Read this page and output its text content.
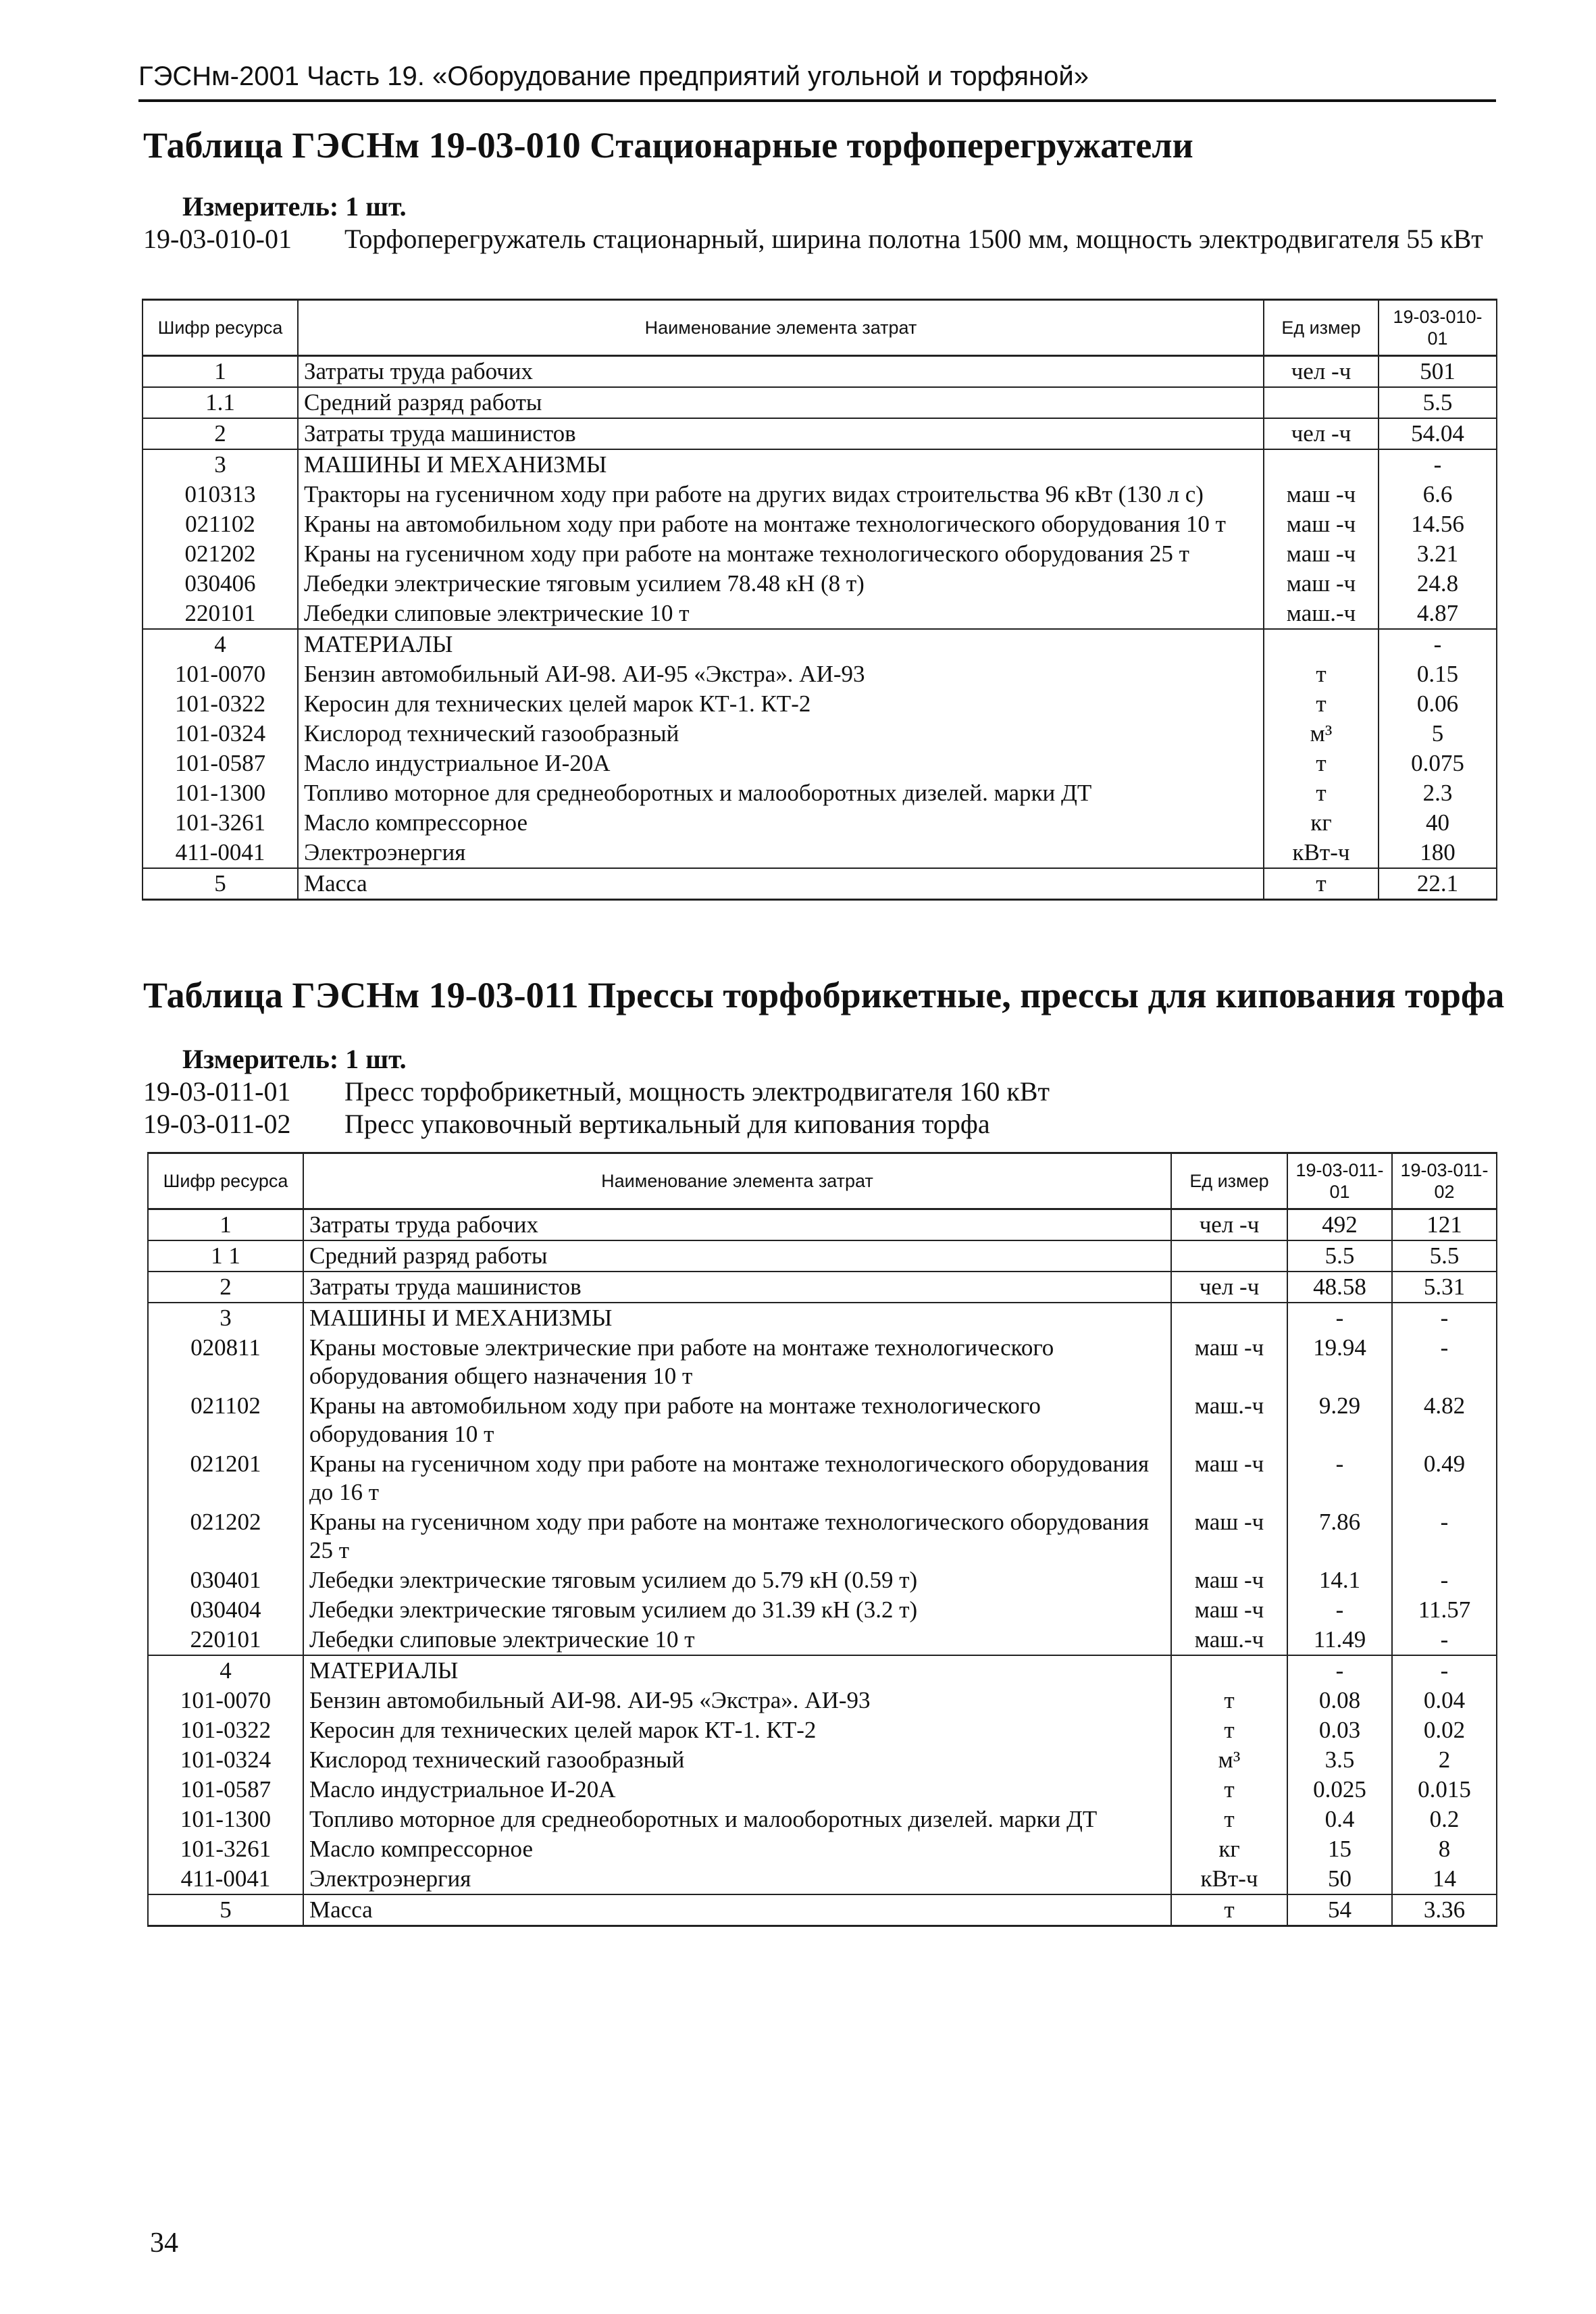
ГЭСНм-2001 Часть 19. «Оборудование предприятий угольной и торфяной»
Таблица ГЭСНм 19-03-010 Стационарные торфоперегружатели
Измеритель: 1 шт.
19-03-010-01 Торфоперегружатель стационарный, ширина полотна 1500 мм, мощность электродвигателя 55 кВт
Шифр ресурса	Наименование элемента затрат	Ед измер	19-03-010-01
1	Затраты труда рабочих	чел -ч	501
1.1	Средний разряд работы		5.5
2	Затраты труда машинистов	чел -ч	54.04
3	МАШИНЫ И МЕХАНИЗМЫ		-
010313	Тракторы на гусеничном ходу при работе на других видах строительства 96 кВт (130 л с)	маш -ч	6.6
021102	Краны на автомобильном ходу при работе на монтаже технологического оборудования 10 т	маш -ч	14.56
021202	Краны на гусеничном ходу при работе на монтаже технологического оборудования 25 т	маш -ч	3.21
030406	Лебедки электрические тяговым усилием 78.48 кН (8 т)	маш -ч	24.8
220101	Лебедки слиповые электрические 10 т	маш.-ч	4.87
4	МАТЕРИАЛЫ		-
101-0070	Бензин автомобильный АИ-98. АИ-95 «Экстра». АИ-93	т	0.15
101-0322	Керосин для технических целей марок КТ-1. КТ-2	т	0.06
101-0324	Кислород технический газообразный	м³	5
101-0587	Масло индустриальное И-20А	т	0.075
101-1300	Топливо моторное для среднеоборотных и малооборотных дизелей. марки ДТ	т	2.3
101-3261	Масло компрессорное	кг	40
411-0041	Электроэнергия	кВт-ч	180
5	Масса	т	22.1
Таблица ГЭСНм 19-03-011 Прессы торфобрикетные, прессы для кипования торфа
Измеритель: 1 шт.
19-03-011-01 Пресс торфобрикетный, мощность электродвигателя 160 кВт
19-03-011-02 Пресс упаковочный вертикальный для кипования торфа
Шифр ресурса	Наименование элемента затрат	Ед измер	19-03-011-01	19-03-011-02
1	Затраты труда рабочих	чел -ч	492	121
1 1	Средний разряд работы		5.5	5.5
2	Затраты труда машинистов	чел -ч	48.58	5.31
3	МАШИНЫ И МЕХАНИЗМЫ		-	-
020811	Краны мостовые электрические при работе на монтаже технологического оборудования общего назначения 10 т	маш -ч	19.94	-
021102	Краны на автомобильном ходу при работе на монтаже технологического оборудования 10 т	маш.-ч	9.29	4.82
021201	Краны на гусеничном ходу при работе на монтаже технологического оборудования до 16 т	маш -ч	-	0.49
021202	Краны на гусеничном ходу при работе на монтаже технологического оборудования 25 т	маш -ч	7.86	-
030401	Лебедки электрические тяговым усилием до 5.79 кН (0.59 т)	маш -ч	14.1	-
030404	Лебедки электрические тяговым усилием до 31.39 кН (3.2 т)	маш -ч	-	11.57
220101	Лебедки слиповые электрические 10 т	маш.-ч	11.49	-
4	МАТЕРИАЛЫ		-	-
101-0070	Бензин автомобильный АИ-98. АИ-95 «Экстра». АИ-93	т	0.08	0.04
101-0322	Керосин для технических целей марок КТ-1. КТ-2	т	0.03	0.02
101-0324	Кислород технический газообразный	м³	3.5	2
101-0587	Масло индустриальное И-20А	т	0.025	0.015
101-1300	Топливо моторное для среднеоборотных и малооборотных дизелей. марки ДТ	т	0.4	0.2
101-3261	Масло компрессорное	кг	15	8
411-0041	Электроэнергия	кВт-ч	50	14
5	Масса	т	54	3.36
34
